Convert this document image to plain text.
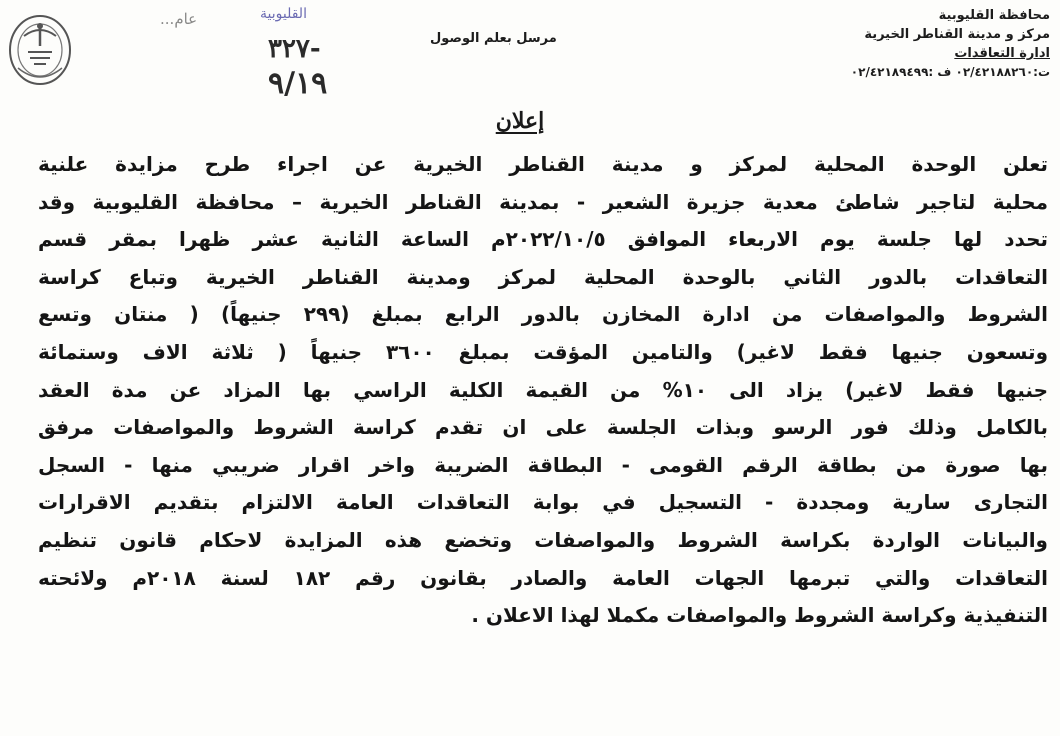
...عام	القليوبية
٣٢٧-
٩/١٩
مرسل بعلم الوصول
محافظة القليوبية
مركز و مدينة القناطر الخيرية
ادارة التعاقدات
ت:٠٢/٤٢١٨٨٢٦٠ ف :٠٢/٤٢١٨٩٤٩٩
إعلان
تعلن الوحدة المحلية لمركز و مدينة القناطر الخيرية عن اجراء طرح مزايدة علنية
محلية لتاجير شاطئ معدية جزيرة الشعير - بمدينة القناطر الخيرية – محافظة القليوبية وقد
تحدد لها جلسة يوم الاربعاء الموافق ٢٠٢٢/١٠/٥م الساعة الثانية عشر ظهرا بمقر قسم
التعاقدات بالدور الثاني بالوحدة المحلية لمركز ومدينة القناطر الخيرية وتباع كراسة
الشروط والمواصفات من ادارة المخازن بالدور الرابع بمبلغ (٢٩٩ جنيهاً) ( منتان وتسع
وتسعون جنيها فقط لاغير) والتامين المؤقت بمبلغ ٣٦٠٠ جنيهاً ( ثلاثة الاف وستمائة
جنيها فقط لاغير) يزاد الى ١٠% من القيمة الكلية الراسي بها المزاد عن مدة العقد
بالكامل وذلك فور الرسو وبذات الجلسة على ان تقدم كراسة الشروط والمواصفات مرفق
بها صورة من بطاقة الرقم القومى - البطاقة الضريبة واخر اقرار ضريبي منها - السجل
التجارى سارية ومجددة - التسجيل في بوابة التعاقدات العامة الالتزام بتقديم الاقرارات
والبيانات الواردة بكراسة الشروط والمواصفات وتخضع هذه المزايدة لاحكام قانون تنظيم
التعاقدات والتي تبرمها الجهات العامة والصادر بقانون رقم ١٨٢ لسنة ٢٠١٨م ولائحته
التنفيذية وكراسة الشروط والمواصفات مكملا لهذا الاعلان .
